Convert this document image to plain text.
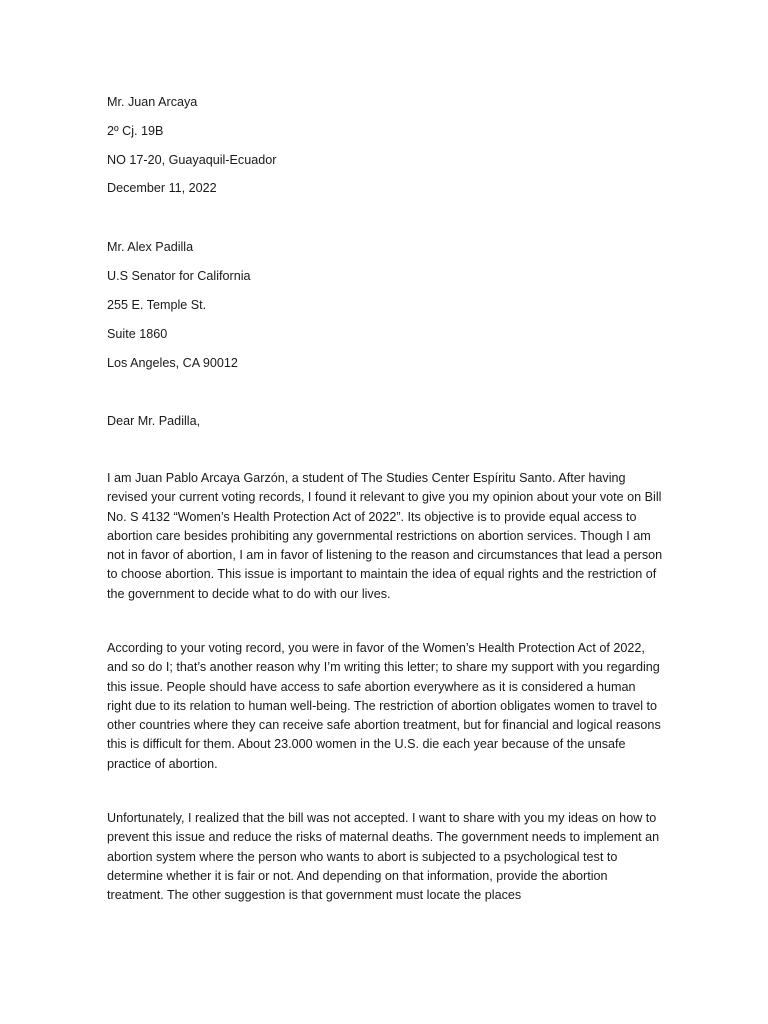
Mr. Juan Arcaya
2º Cj. 19B
NO 17-20, Guayaquil-Ecuador
December 11, 2022
Mr. Alex Padilla
U.S Senator for California
255 E. Temple St.
Suite 1860
Los Angeles, CA 90012
Dear Mr. Padilla,

I am Juan Pablo Arcaya Garzón, a student of The Studies Center Espíritu Santo. After having revised your current voting records, I found it relevant to give you my opinion about your vote on Bill No. S 4132 “Women’s Health Protection Act of 2022”. Its objective is to provide equal access to abortion care besides prohibiting any governmental restrictions on abortion services. Though I am not in favor of abortion, I am in favor of listening to the reason and circumstances that lead a person to choose abortion. This issue is important to maintain the idea of equal rights and the restriction of the government to decide what to do with our lives.

According to your voting record, you were in favor of the Women’s Health Protection Act of 2022, and so do I; that’s another reason why I’m writing this letter; to share my support with you regarding this issue. People should have access to safe abortion everywhere as it is considered a human right due to its relation to human well-being. The restriction of abortion obligates women to travel to other countries where they can receive safe abortion treatment, but for financial and logical reasons this is difficult for them. About 23.000 women in the U.S. die each year because of the unsafe practice of abortion.

Unfortunately, I realized that the bill was not accepted. I want to share with you my ideas on how to prevent this issue and reduce the risks of maternal deaths. The government needs to implement an abortion system where the person who wants to abort is subjected to a psychological test to determine whether it is fair or not. And depending on that information, provide the abortion treatment. The other suggestion is that government must locate the places
